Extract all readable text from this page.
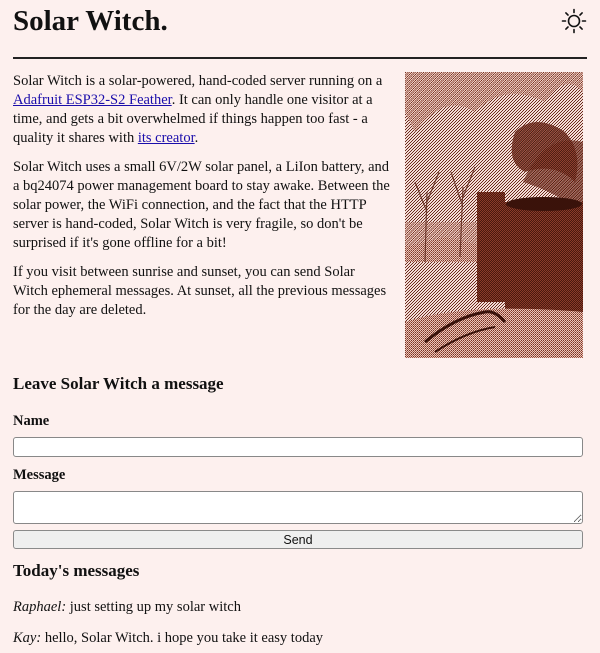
Solar Witch.

Solar Witch is a solar-powered, hand-coded server running on a Adafruit ESP32-S2 Feather. It can only handle one visitor at a time, and gets a bit overwhelmed if things happen too fast - a quality it shares with its creator.

Solar Witch uses a small 6V/2W solar panel, a LiIon battery, and a bq24074 power management board to stay awake. Between the solar power, the WiFi connection, and the fact that the HTTP server is hand-coded, Solar Witch is very fragile, so don't be surprised if it's gone offline for a bit!

If you visit between sunrise and sunset, you can send Solar Witch ephemeral messages. At sunset, all the previous messages for the day are deleted.

Leave Solar Witch a message
Name
Message
Send
Today's messages

Raphael: just setting up my solar witch

Kay: hello, Solar Witch. i hope you take it easy today
